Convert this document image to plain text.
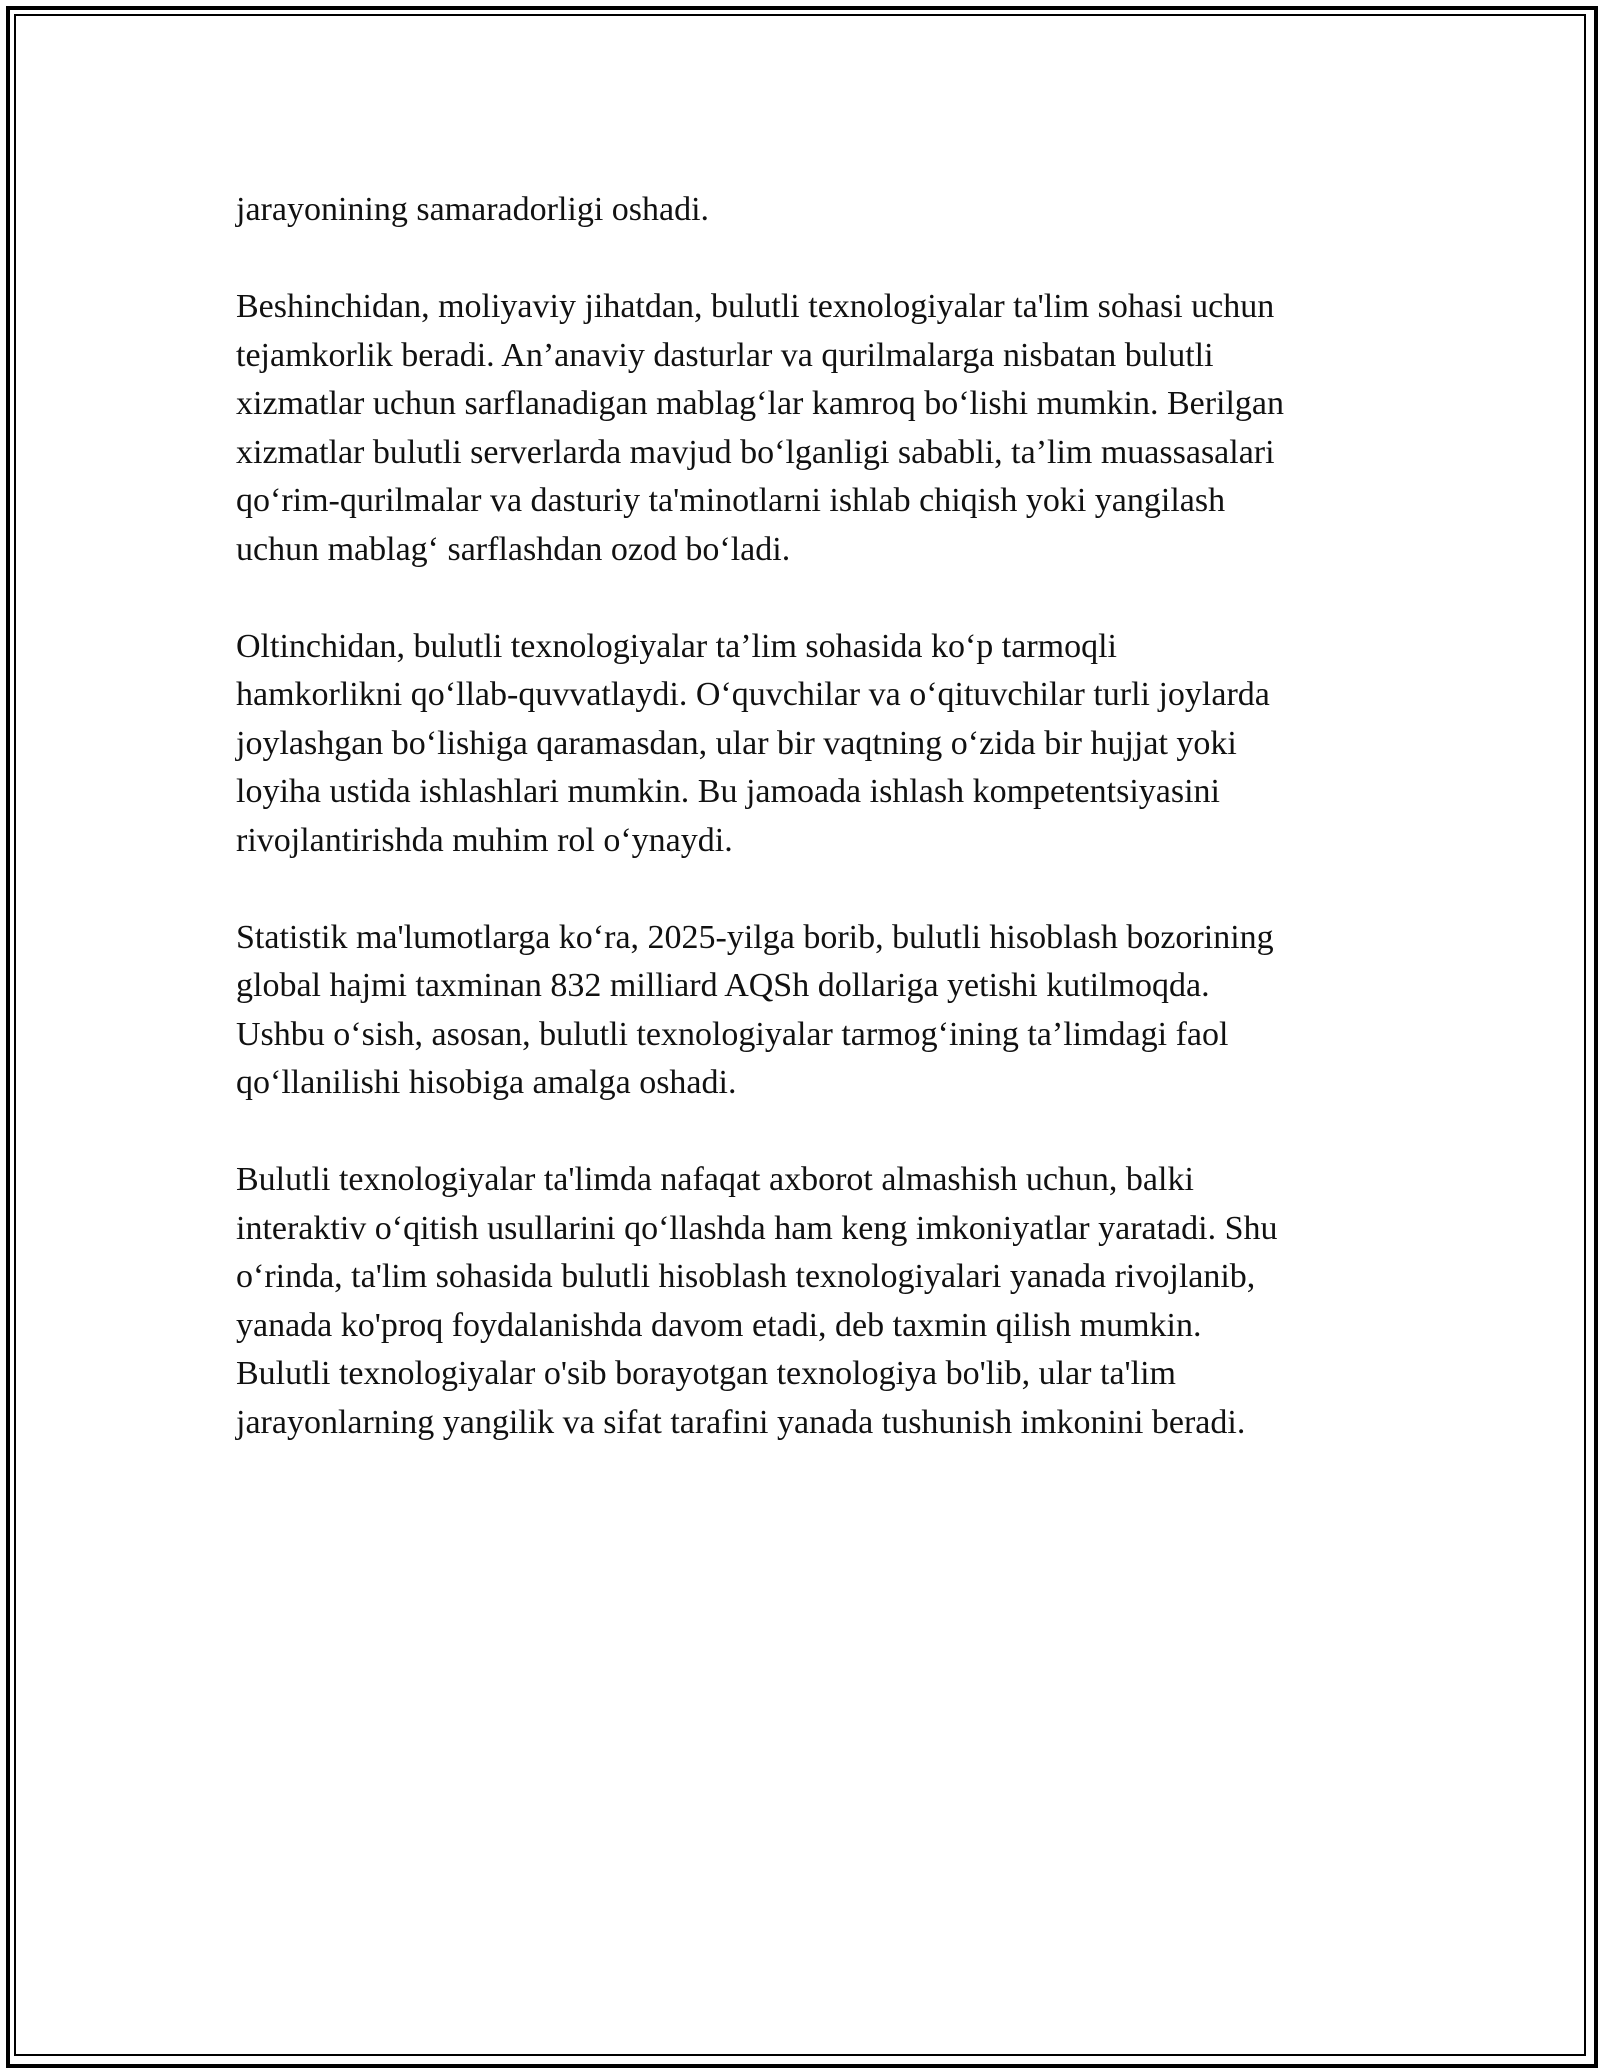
jarayonining samaradorligi oshadi.

Beshinchidan, moliyaviy jihatdan, bulutli texnologiyalar ta'lim sohasi uchun
tejamkorlik beradi. An’anaviy dasturlar va qurilmalarga nisbatan bulutli
xizmatlar uchun sarflanadigan mablag‘lar kamroq bo‘lishi mumkin. Berilgan
xizmatlar bulutli serverlarda mavjud bo‘lganligi sababli, ta’lim muassasalari
qo‘rim-qurilmalar va dasturiy ta'minotlarni ishlab chiqish yoki yangilash
uchun mablag‘ sarflashdan ozod bo‘ladi.

Oltinchidan, bulutli texnologiyalar ta’lim sohasida ko‘p tarmoqli
hamkorlikni qo‘llab-quvvatlaydi. O‘quvchilar va o‘qituvchilar turli joylarda
joylashgan bo‘lishiga qaramasdan, ular bir vaqtning o‘zida bir hujjat yoki
loyiha ustida ishlashlari mumkin. Bu jamoada ishlash kompetentsiyasini
rivojlantirishda muhim rol o‘ynaydi.

Statistik ma'lumotlarga ko‘ra, 2025-yilga borib, bulutli hisoblash bozorining
global hajmi taxminan 832 milliard AQSh dollariga yetishi kutilmoqda.
Ushbu o‘sish, asosan, bulutli texnologiyalar tarmog‘ining ta’limdagi faol
qo‘llanilishi hisobiga amalga oshadi.

Bulutli texnologiyalar ta'limda nafaqat axborot almashish uchun, balki
interaktiv o‘qitish usullarini qo‘llashda ham keng imkoniyatlar yaratadi. Shu
o‘rinda, ta'lim sohasida bulutli hisoblash texnologiyalari yanada rivojlanib,
yanada ko'proq foydalanishda davom etadi, deb taxmin qilish mumkin.
Bulutli texnologiyalar o'sib borayotgan texnologiya bo'lib, ular ta'lim
jarayonlarning yangilik va sifat tarafini yanada tushunish imkonini beradi.
